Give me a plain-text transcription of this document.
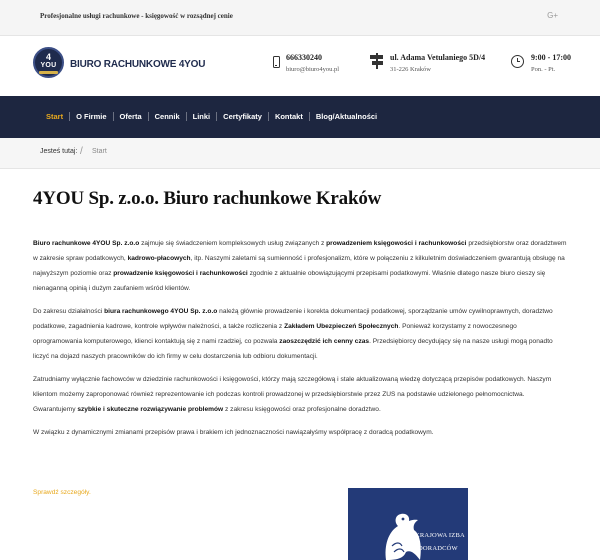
Profesjonalne usługi rachunkowe - księgowość w rozsądnej cenie	G+
4
YOU	BIURO RACHUNKOWE 4YOU
666330240
biuro@biuro4you.pl
ul. Adama Vetulaniego 5D/4
31-226 Kraków
9:00 - 17:00
Pon. - Pt.
Start	O Firmie	Oferta	Cennik	Linki	Certyfikaty	Kontakt	Blog/Aktualności
Jesteś tutaj: / Start
4YOU Sp. z.o.o. Biuro rachunkowe Kraków

Biuro rachunkowe 4YOU Sp. z.o.o zajmuje się świadczeniem kompleksowych usług związanych z prowadzeniem księgowości i rachunkowości przedsiębiorstw oraz doradztwem w zakresie spraw podatkowych, kadrowo-płacowych, itp. Naszymi zaletami są sumienność i profesjonalizm, które w połączeniu z kilkuletnim doświadczeniem gwarantują obsługę na najwyższym poziomie oraz prowadzenie księgowości i rachunkowości zgodnie z aktualnie obowiązującymi przepisami podatkowymi. Właśnie dlatego nasze biuro cieszy się nienaganną opinią i dużym zaufaniem wśród klientów.

Do zakresu działalności biura rachunkowego 4YOU Sp. z.o.o należą głównie prowadzenie i korekta dokumentacji podatkowej, sporządzanie umów cywilnoprawnych, doradztwo podatkowe, zagadnienia kadrowe, kontrole wpływów należności, a także rozliczenia z Zakładem Ubezpieczeń Społecznych. Ponieważ korzystamy z nowoczesnego oprogramowania komputerowego, klienci kontaktują się z nami rzadziej, co pozwala zaoszczędzić ich cenny czas. Przedsiębiorcy decydujący się na nasze usługi mogą ponadto liczyć na dojazd naszych pracowników do ich firmy w celu dostarczenia lub odbioru dokumentacji.

Zatrudniamy wyłącznie fachowców w dziedzinie rachunkowości i księgowości, którzy mają szczegółową i stale aktualizowaną wiedzę dotyczącą przepisów podatkowych. Naszym klientom możemy zaproponować również reprezentowanie ich podczas kontroli prowadzonej w przedsiębiorstwie przez ZUS na podstawie udzielonego pełnomocnictwa. Gwarantujemy szybkie i skuteczne rozwiązywanie problemów z zakresu księgowości oraz profesjonalne doradztwo.

W związku z dynamicznymi zmianami przepisów prawa i brakiem ich jednoznaczności nawiązałyśmy współpracę z doradcą podatkowym.

Sprawdź szczegóły.
KRAJOWA IZBA
DORADCÓW
